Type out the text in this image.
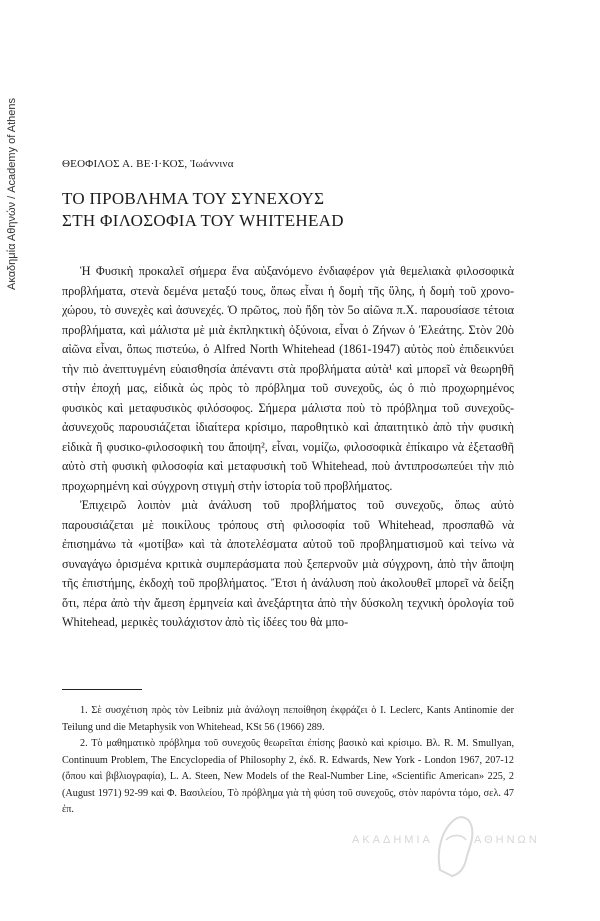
Ακαδημία Αθηνών / Academy of Athens	ΘΕΟΦΙΛΟΣ Α. ΒΕ·Ι·ΚΟΣ, Ἰωάννινα
ΤΟ ΠΡΟΒΛΗΜΑ ΤΟΥ ΣΥΝΕΧΟΥΣ
ΣΤΗ ΦΙΛΟΣΟΦΙΑ ΤΟΥ WHITEHEAD

Ἡ Φυσικὴ προκαλεῖ σήμερα ἕνα αὐξανόμενο ἐνδιαφέρον γιὰ θεμελιακὰ φιλοσοφικὰ προβλήματα, στενὰ δεμένα μεταξύ τους, ὅπως εἶναι ἡ δομὴ τῆς ὕλης, ἡ δομὴ τοῦ χρονο-χώρου, τὸ συνεχὲς καὶ ἀσυνεχές. Ὁ πρῶτος, ποὺ ἤδη τὸν 5ο αἰῶνα π.Χ. παρουσίασε τέτοια προβλήματα, καὶ μάλιστα μὲ μιὰ ἐκπληκτικὴ ὀξύνοια, εἶναι ὁ Ζήνων ὁ Ἐλεάτης. Στὸν 20ὸ αἰῶνα εἶναι, ὅπως πιστεύω, ὁ Alfred North Whitehead (1861-1947) αὐτὸς ποὺ ἐπιδεικνύει τὴν πιὸ ἀνεπτυγμένη εὐαισθησία ἀπέναντι στὰ προβλήματα αὐτὰ¹ καὶ μπορεῖ νὰ θεωρηθῆ στὴν ἐποχή μας, εἰδικὰ ὡς πρὸς τὸ πρόβλημα τοῦ συνεχοῦς, ὡς ὁ πιὸ προχωρημένος φυσικὸς καὶ μεταφυσικὸς φιλόσοφος. Σήμερα μάλιστα ποὺ τὸ πρόβλημα τοῦ συνεχοῦς-ἀσυνεχοῦς παρουσιάζεται ἰδιαίτερα κρίσιμο, παροθητικὸ καὶ ἀπαιτητικὸ ἀπὸ τὴν φυσικὴ εἰδικὰ ἢ φυσικο-φιλοσοφικὴ του ἄποψη², εἶναι, νομίζω, φιλοσοφικὰ ἐπίκαιρο νὰ ἐξετασθῆ αὐτὸ στὴ φυσικὴ φιλοσοφία καὶ μεταφυσικὴ τοῦ Whitehead, ποὺ ἀντιπροσωπεύει τὴν πιὸ προχωρημένη καὶ σύγχρονη στιγμὴ στὴν ἱστορία τοῦ προβλήματος.

Ἐπιχειρῶ λοιπὸν μιὰ ἀνάλυση τοῦ προβλήματος τοῦ συνεχοῦς, ὅπως αὐτὸ παρουσιάζεται μὲ ποικίλους τρόπους στὴ φιλοσοφία τοῦ Whitehead, προσπαθῶ νὰ ἐπισημάνω τὰ «μοτίβα» καὶ τὰ ἀποτελέσματα αὐτοῦ τοῦ προβληματισμοῦ καὶ τείνω νὰ συναγάγω ὁρισμένα κριτικὰ συμπεράσματα ποὺ ξεπερνοῦν μιὰ σύγχρονη, ἀπὸ τὴν ἄποψη τῆς ἐπιστήμης, ἐκδοχὴ τοῦ προβλήματος. Ἔτσι ἡ ἀνάλυση ποὺ ἀκολουθεῖ μπορεῖ νὰ δείξη ὅτι, πέρα ἀπὸ τὴν ἄμεση ἑρμηνεία καὶ ἀνεξάρτητα ἀπὸ τὴν δύσκολη τεχνικὴ ὁρολογία τοῦ Whitehead, μερικὲς τουλάχιστον ἀπὸ τὶς ἰδέες του θὰ μπο-

1. Σὲ συσχέτιση πρὸς τὸν Leibniz μιὰ ἀνάλογη πεποίθηση ἐκφράζει ὁ I. Leclerc, Kants Antinomie der Teilung und die Metaphysik von Whitehead, KSt 56 (1966) 289.

2. Τὸ μαθηματικὸ πρόβλημα τοῦ συνεχοῦς θεωρεῖται ἐπίσης βασικὸ καὶ κρίσιμο. Βλ. R. M. Smullyan, Continuum Problem, The Encyclopedia of Philosophy 2, ἐκδ. R. Edwards, New York - London 1967, 207-12 (ὅπου καὶ βιβλιογραφία), L. A. Steen, New Models of the Real-Number Line, «Scientific American» 225, 2 (August 1971) 92-99 καὶ Φ. Βασιλείου, Τὸ πρόβλημα γιὰ τὴ φύση τοῦ συνεχοῦς, στὸν παρόντα τόμο, σελ. 47 ἐπ.

ΑΚΑΔΗΜΙΑ	ΑΘΗΝΩΝ
